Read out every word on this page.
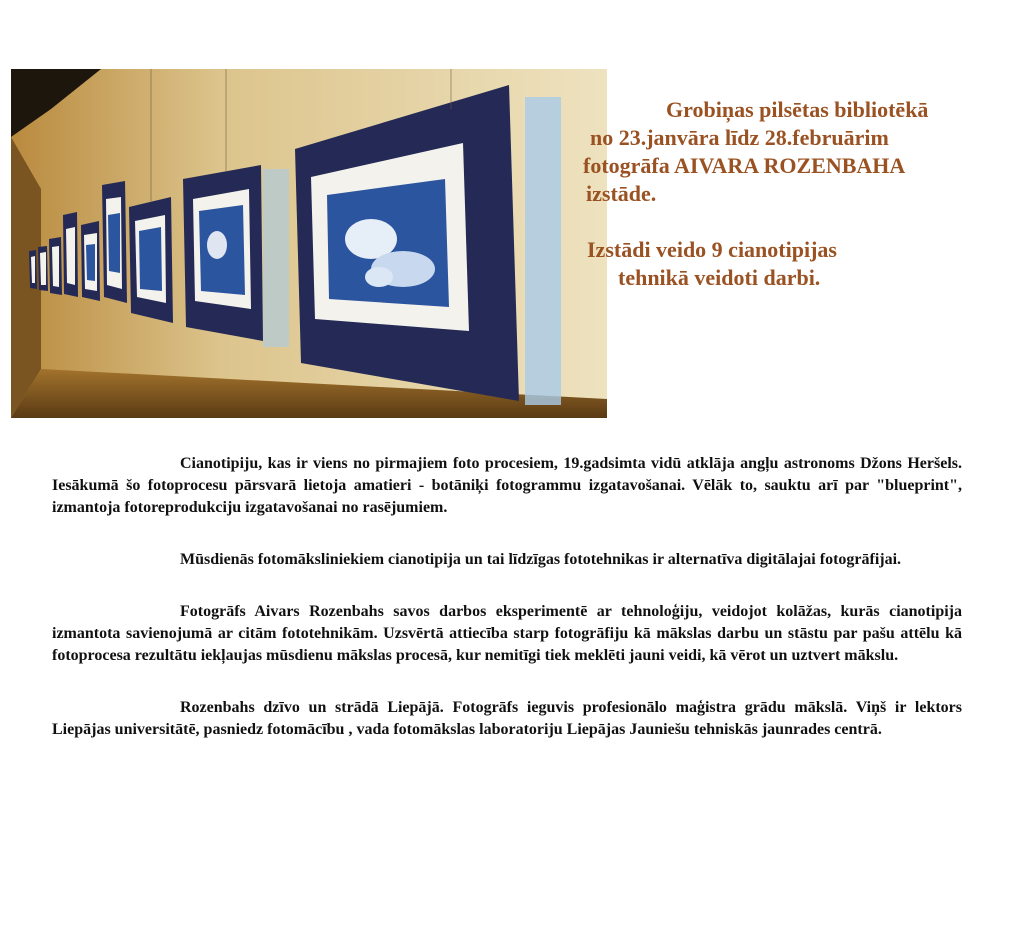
Grobiņas pilsētas bibliotēkā
no 23.janvāra līdz 28.februārim
fotogrāfa AIVARA ROZENBAHA
izstāde.
Izstādi veido 9 cianotipijas
tehnikā veidoti darbi.

Cianotipiju, kas ir viens no pirmajiem foto procesiem, 19.gadsimta vidū atklāja angļu astronoms Džons Heršels. Iesākumā šo fotoprocesu pārsvarā lietoja amatieri - botāniķi fotogrammu izgatavošanai. Vēlāk to, sauktu arī par "blueprint", izmantoja fotoreprodukciju izgatavošanai no rasējumiem.

Mūsdienās fotomāksliniekiem cianotipija un tai līdzīgas fototehnikas ir alternatīva digitālajai fotogrāfijai.

Fotogrāfs Aivars Rozenbahs savos darbos eksperimentē ar tehnoloģiju, veidojot kolāžas, kurās cianotipija izmantota savienojumā ar citām fototehnikām. Uzsvērtā attiecība starp fotogrāfiju kā mākslas darbu un stāstu par pašu attēlu kā fotoprocesa rezultātu iekļaujas mūsdienu mākslas procesā, kur nemitīgi tiek meklēti jauni veidi, kā vērot un uztvert mākslu.

Rozenbahs dzīvo un strādā Liepājā. Fotogrāfs ieguvis profesionālo maģistra grādu mākslā. Viņš ir lektors Liepājas universitātē, pasniedz fotomācību , vada fotomākslas laboratoriju Liepājas Jauniešu tehniskās jaunrades centrā.
